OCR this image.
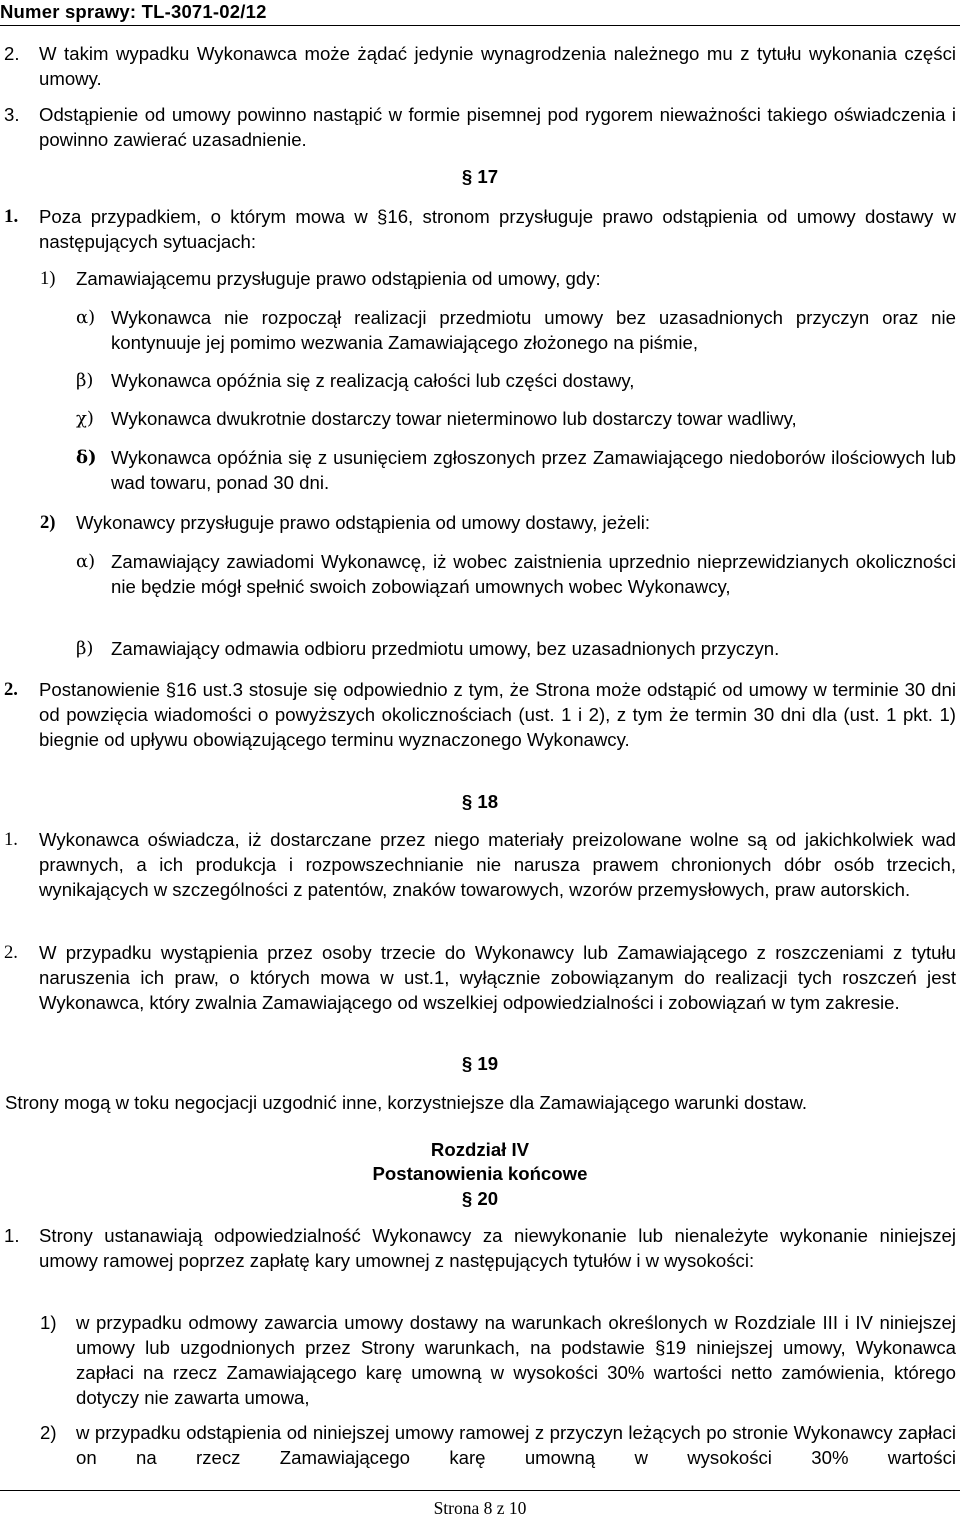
Numer sprawy: TL-3071-02/12
2. W takim wypadku Wykonawca może żądać jedynie wynagrodzenia należnego mu z tytułu wykonania części umowy.
3. Odstąpienie od umowy powinno nastąpić w formie pisemnej pod rygorem nieważności takiego oświadczenia i powinno zawierać uzasadnienie.
§ 17
1. Poza przypadkiem, o którym mowa w §16, stronom przysługuje prawo odstąpienia od umowy dostawy w następujących sytuacjach:
1) Zamawiającemu przysługuje prawo odstąpienia od umowy, gdy:
α) Wykonawca nie rozpoczął realizacji przedmiotu umowy bez uzasadnionych przyczyn oraz nie kontynuuje jej pomimo wezwania Zamawiającego złożonego na piśmie,
β) Wykonawca opóźnia się z realizacją całości lub części dostawy,
χ) Wykonawca dwukrotnie dostarczy towar nieterminowo lub dostarczy towar wadliwy,
δ) Wykonawca opóźnia się z usunięciem zgłoszonych przez Zamawiającego niedoborów ilościowych lub wad towaru, ponad 30 dni.
2) Wykonawcy przysługuje prawo odstąpienia od umowy dostawy, jeżeli:
α) Zamawiający zawiadomi Wykonawcę, iż wobec zaistnienia uprzednio nieprzewidzianych okoliczności nie będzie mógł spełnić swoich zobowiązań umownych wobec Wykonawcy,
β) Zamawiający odmawia odbioru przedmiotu umowy, bez uzasadnionych przyczyn.
2. Postanowienie §16 ust.3 stosuje się odpowiednio z tym, że Strona może odstąpić od umowy w terminie 30 dni od powzięcia wiadomości o powyższych okolicznościach (ust. 1 i 2), z tym że termin 30 dni dla (ust. 1 pkt. 1) biegnie od upływu obowiązującego terminu wyznaczonego Wykonawcy.
§ 18
1. Wykonawca oświadcza, iż dostarczane przez niego materiały preizolowane wolne są od jakichkolwiek wad prawnych, a ich produkcja i rozpowszechnianie nie narusza prawem chronionych dóbr osób trzecich, wynikających w szczególności z patentów, znaków towarowych, wzorów przemysłowych, praw autorskich.
2. W przypadku wystąpienia przez osoby trzecie do Wykonawcy lub Zamawiającego z roszczeniami z tytułu naruszenia ich praw, o których mowa w ust.1, wyłącznie zobowiązanym do realizacji tych roszczeń jest Wykonawca, który zwalnia Zamawiającego od wszelkiej odpowiedzialności i zobowiązań w tym zakresie.
§ 19
Strony mogą w toku negocjacji uzgodnić inne, korzystniejsze dla Zamawiającego warunki dostaw.
Rozdział IV
Postanowienia końcowe
§ 20
1. Strony ustanawiają odpowiedzialność Wykonawcy za niewykonanie lub nienależyte wykonanie niniejszej umowy ramowej poprzez zapłatę kary umownej z następujących tytułów i w wysokości:
1) w przypadku odmowy zawarcia umowy dostawy na warunkach określonych w Rozdziale III i IV niniejszej umowy lub uzgodnionych przez Strony warunkach, na podstawie §19 niniejszej umowy, Wykonawca zapłaci na rzecz Zamawiającego karę umowną w wysokości 30% wartości netto zamówienia, którego dotyczy nie zawarta umowa,
2) w przypadku odstąpienia od niniejszej umowy ramowej z przyczyn leżących po stronie Wykonawcy zapłaci on na rzecz Zamawiającego karę umowną w wysokości 30% wartości
Strona 8 z 10
